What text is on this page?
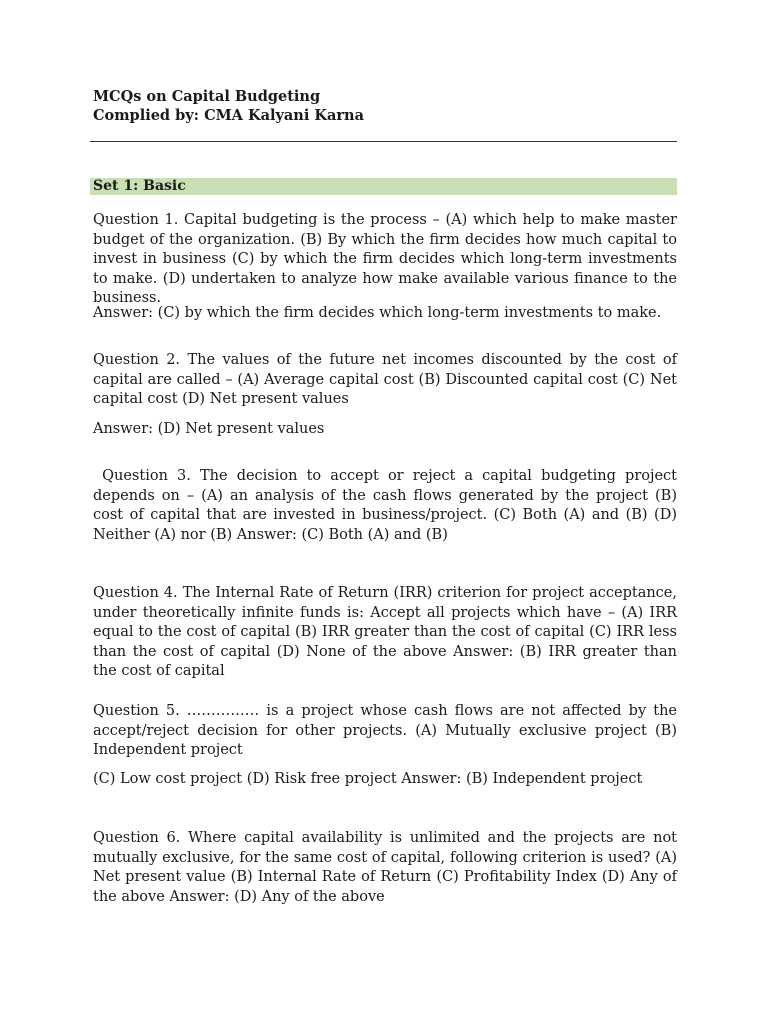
MCQs on Capital Budgeting
Complied by: CMA Kalyani Karna
Set 1: Basic

Question 1. Capital budgeting is the process – (A) which help to make master budget of the organization. (B) By which the firm decides how much capital to invest in business (C) by which the firm decides which long-term investments to make. (D) undertaken to analyze how make available various finance to the business.

Answer: (C) by which the firm decides which long-term investments to make.

Question 2. The values of the future net incomes discounted by the cost of capital are called – (A) Average capital cost (B) Discounted capital cost (C) Net capital cost (D) Net present values

Answer: (D) Net present values

Question 3. The decision to accept or reject a capital budgeting project depends on – (A) an analysis of the cash flows generated by the project (B) cost of capital that are invested in business/project. (C) Both (A) and (B) (D) Neither (A) nor (B) Answer: (C) Both (A) and (B)

Question 4. The Internal Rate of Return (IRR) criterion for project acceptance, under theoretically infinite funds is: Accept all projects which have – (A) IRR equal to the cost of capital (B) IRR greater than the cost of capital (C) IRR less than the cost of capital (D) None of the above Answer: (B) IRR greater than the cost of capital

Question 5. …………… is a project whose cash flows are not affected by the accept/reject decision for other projects. (A) Mutually exclusive project (B) Independent project

(C) Low cost project (D) Risk free project Answer: (B) Independent project

Question 6. Where capital availability is unlimited and the projects are not mutually exclusive, for the same cost of capital, following criterion is used? (A) Net present value (B) Internal Rate of Return (C) Profitability Index (D) Any of the above Answer: (D) Any of the above
